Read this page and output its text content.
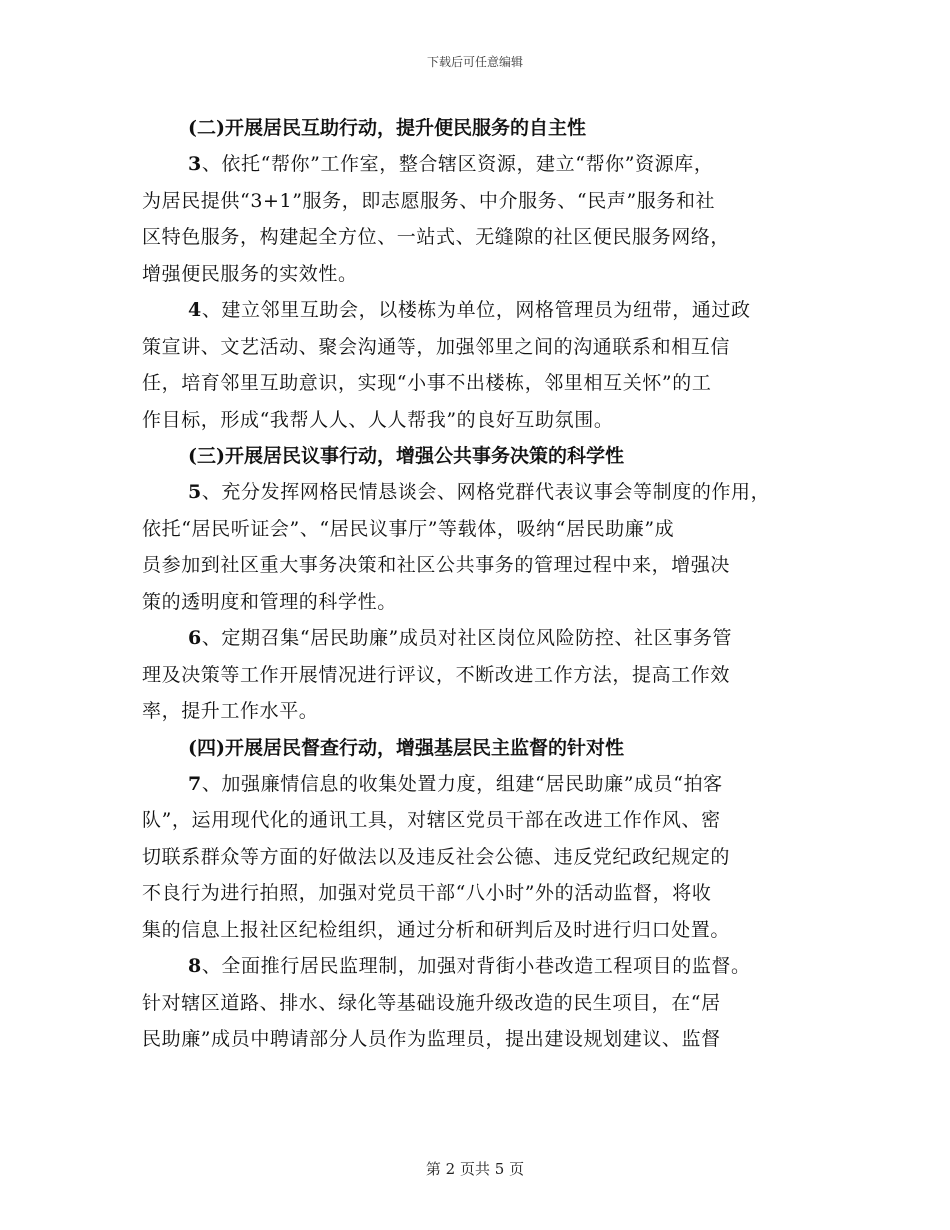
下载后可任意编辑
(二)开展居民互助行动，提升便民服务的自主性
3、依托“帮你”工作室，整合辖区资源，建立“帮你”资源库，
为居民提供“3+1”服务，即志愿服务、中介服务、“民声”服务和社
区特色服务，构建起全方位、一站式、无缝隙的社区便民服务网络，
增强便民服务的实效性。
4、建立邻里互助会，以楼栋为单位，网格管理员为纽带，通过政
策宣讲、文艺活动、聚会沟通等，加强邻里之间的沟通联系和相互信
任，培育邻里互助意识，实现“小事不出楼栋，邻里相互关怀”的工
作目标，形成“我帮人人、人人帮我”的良好互助氛围。
(三)开展居民议事行动，增强公共事务决策的科学性
5、充分发挥网格民情恳谈会、网格党群代表议事会等制度的作用，
依托“居民听证会”、“居民议事厅”等载体，吸纳“居民助廉”成
员参加到社区重大事务决策和社区公共事务的管理过程中来，增强决
策的透明度和管理的科学性。
6、定期召集“居民助廉”成员对社区岗位风险防控、社区事务管
理及决策等工作开展情况进行评议，不断改进工作方法，提高工作效
率，提升工作水平。
(四)开展居民督查行动，增强基层民主监督的针对性
7、加强廉情信息的收集处置力度，组建“居民助廉”成员“拍客
队”，运用现代化的通讯工具，对辖区党员干部在改进工作作风、密
切联系群众等方面的好做法以及违反社会公德、违反党纪政纪规定的
不良行为进行拍照，加强对党员干部“八小时”外的活动监督，将收
集的信息上报社区纪检组织，通过分析和研判后及时进行归口处置。
8、全面推行居民监理制，加强对背街小巷改造工程项目的监督。
针对辖区道路、排水、绿化等基础设施升级改造的民生项目，在“居
民助廉”成员中聘请部分人员作为监理员，提出建设规划建议、监督
第 2 页共 5 页
